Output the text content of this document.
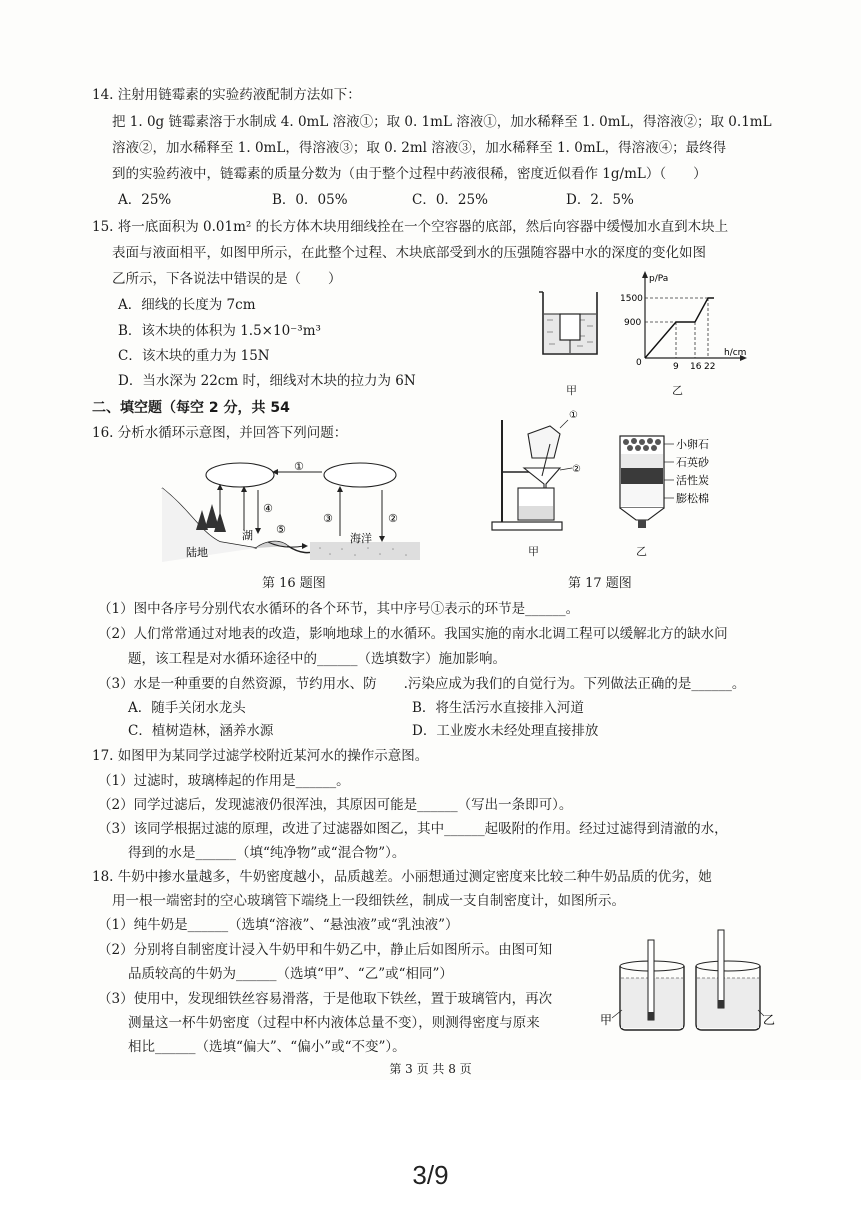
14. 注射用链霉素的实验药液配制方法如下：
把 1. 0g 链霉素溶于水制成 4. 0mL 溶液①；取 0. 1mL 溶液①，加水稀释至 1. 0mL，得溶液②；取 0.1mL
溶液②，加水稀释至 1. 0mL，得溶液③；取 0. 2ml 溶液③，加水稀释至 1. 0mL，得溶液④；最终得
到的实验药液中，链霉素的质量分数为（由于整个过程中药液很稀，密度近似看作 1g/mL）（　　）
A．25%	B．0．05%	C．0．25%	D．2．5%
15. 将一底面积为 0.01m² 的长方体木块用细线拴在一个空容器的底部，然后向容器中缓慢加水直到木块上
表面与液面相平，如图甲所示，在此整个过程、木块底部受到水的压强随容器中水的深度的变化如图
乙所示，下各说法中错误的是（　　）
A．细线的长度为 7cm
B．该木块的体积为 1.5×10⁻³m³
C．该木块的重力为 15N
D．当水深为 22cm 时，细线对木块的拉力为 6N
甲
p/Pa
h/cm
1500
900
0	9 16 22
乙
二、填空题（每空 2 分，共 54
16. 分析水循环示意图，并回答下列问题：
①
②
③
④
⑤
陆地
湖	海洋
第 16 题图
①
②
甲
小卵石
石英砂
活性炭
膨松棉
乙
第 17 题图
（1）图中各序号分别代农水循环的各个环节，其中序号①表示的环节是______。
（2）人们常常通过对地表的改造，影响地球上的水循环。我国实施的南水北调工程可以缓解北方的缺水问
题，该工程是对水循环途径中的______（选填数字）施加影响。
（3）水是一种重要的自然资源，节约用水、防　　.污染应成为我们的自觉行为。下列做法正确的是______。
A．随手关闭水龙头	B．将生活污水直接排入河道
C．植树造林，涵养水源	D．工业废水未经处理直接排放
17. 如图甲为某同学过滤学校附近某河水的操作示意图。
（1）过滤时，玻璃棒起的作用是______。
（2）同学过滤后，发现滤液仍很浑浊，其原因可能是______（写出一条即可）。
（3）该同学根据过滤的原理，改进了过滤器如图乙，其中______起吸附的作用。经过过滤得到清澈的水，
得到的水是______（填“纯净物”或“混合物”）。
18. 牛奶中掺水量越多，牛奶密度越小，品质越差。小丽想通过测定密度来比较二种牛奶品质的优劣，她
用一根一端密封的空心玻璃管下端绕上一段细铁丝，制成一支自制密度计，如图所示。
（1）纯牛奶是______（选填“溶液”、“悬浊液”或“乳浊液”）
（2）分别将自制密度计浸入牛奶甲和牛奶乙中，静止后如图所示。由图可知
品质较高的牛奶为______（选填“甲”、“乙”或“相同”）
（3）使用中，发现细铁丝容易滑落，于是他取下铁丝，置于玻璃管内，再次
测量这一杯牛奶密度（过程中杯内液体总量不变），则测得密度与原来
相比______（选填“偏大”、“偏小”或“不变”）。
甲	乙
第 3 页 共 8 页
3/9
